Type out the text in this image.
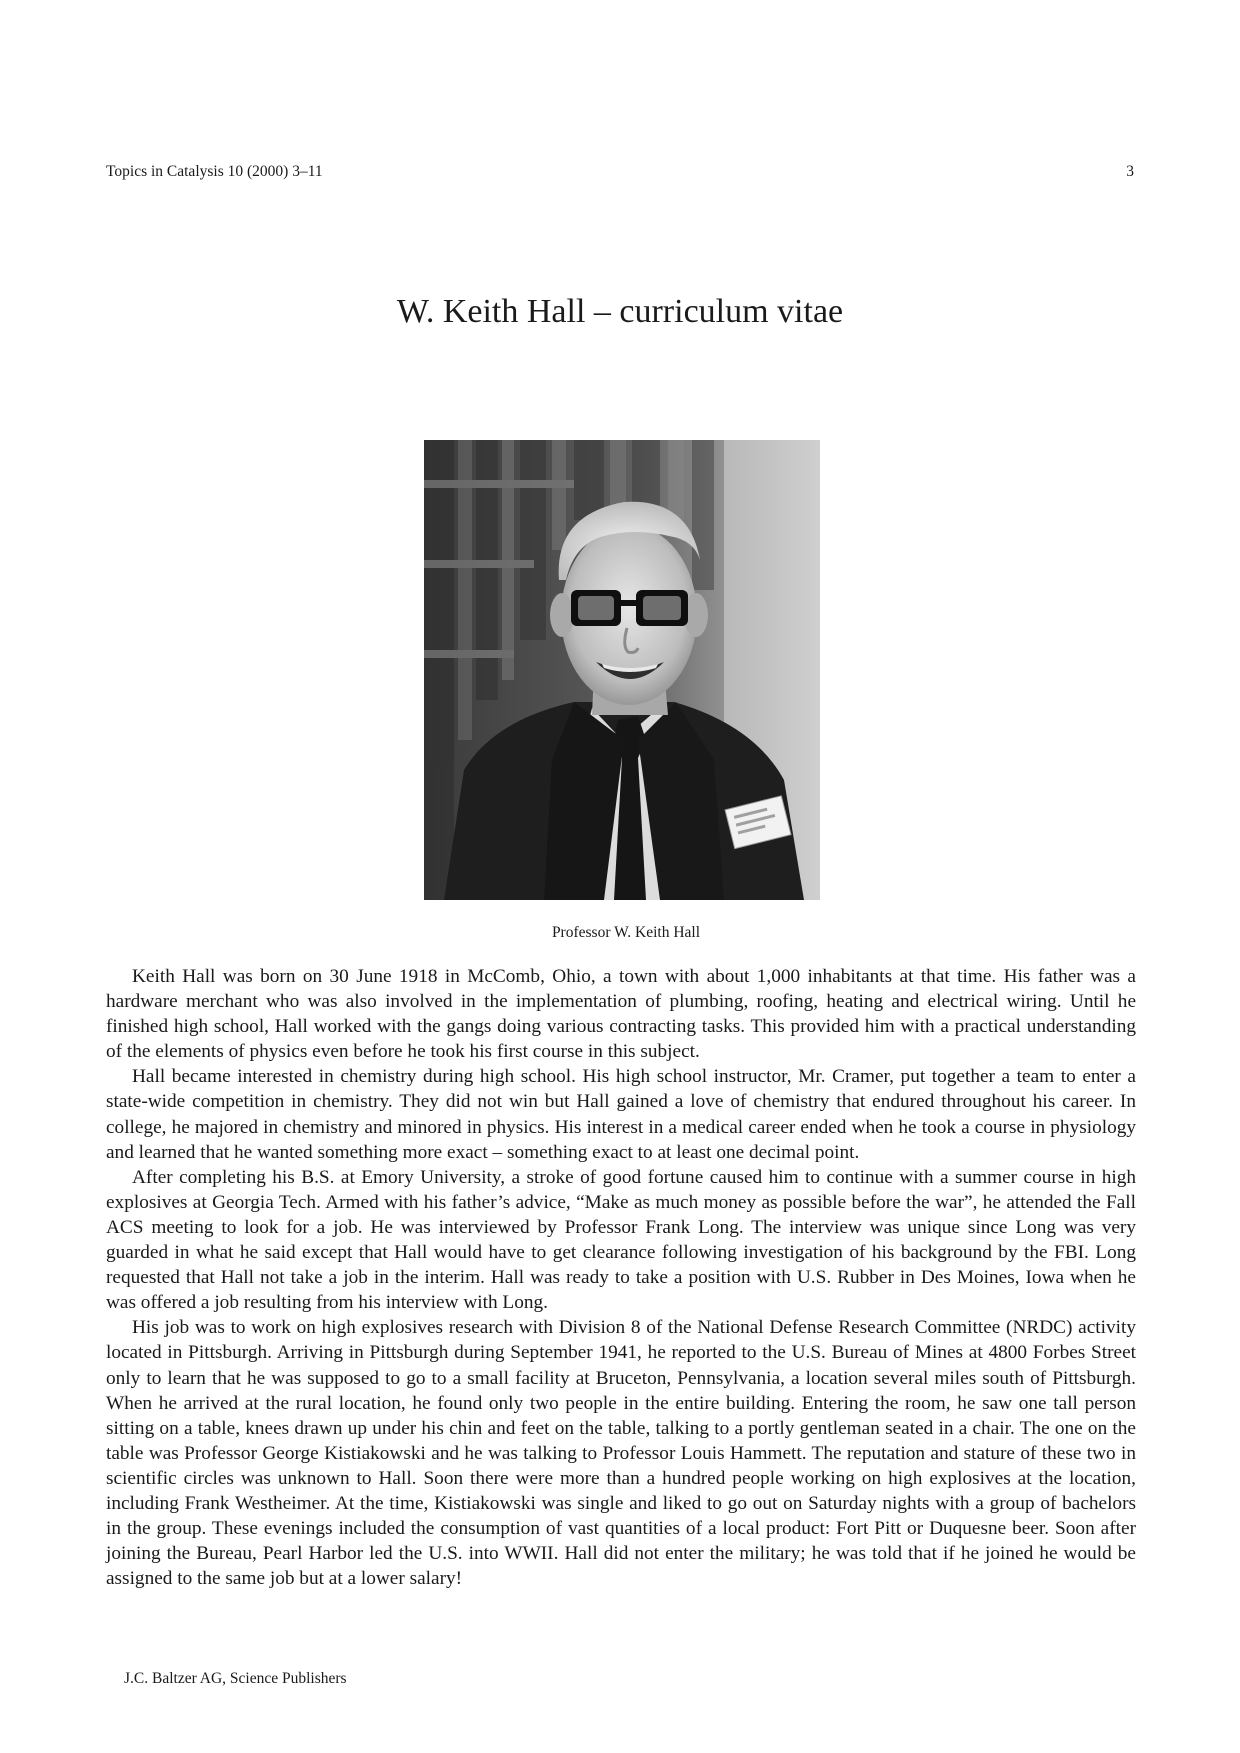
Topics in Catalysis 10 (2000) 3–11	3
W. Keith Hall – curriculum vitae
Professor W. Keith Hall

Keith Hall was born on 30 June 1918 in McComb, Ohio, a town with about 1,000 inhabitants at that time. His father was a hardware merchant who was also involved in the implementation of plumbing, roofing, heating and electrical wiring. Until he finished high school, Hall worked with the gangs doing various contracting tasks. This provided him with a practical understanding of the elements of physics even before he took his first course in this subject.

Hall became interested in chemistry during high school. His high school instructor, Mr. Cramer, put together a team to enter a state-wide competition in chemistry. They did not win but Hall gained a love of chemistry that endured throughout his career. In college, he majored in chemistry and minored in physics. His interest in a medical career ended when he took a course in physiology and learned that he wanted something more exact – something exact to at least one decimal point.

After completing his B.S. at Emory University, a stroke of good fortune caused him to continue with a summer course in high explosives at Georgia Tech. Armed with his father’s advice, “Make as much money as possible before the war”, he attended the Fall ACS meeting to look for a job. He was interviewed by Professor Frank Long. The interview was unique since Long was very guarded in what he said except that Hall would have to get clearance following investigation of his background by the FBI. Long requested that Hall not take a job in the interim. Hall was ready to take a position with U.S. Rubber in Des Moines, Iowa when he was offered a job resulting from his interview with Long.

His job was to work on high explosives research with Division 8 of the National Defense Research Committee (NRDC) activity located in Pittsburgh. Arriving in Pittsburgh during September 1941, he reported to the U.S. Bureau of Mines at 4800 Forbes Street only to learn that he was supposed to go to a small facility at Bruceton, Pennsylvania, a location several miles south of Pittsburgh. When he arrived at the rural location, he found only two people in the entire building. Entering the room, he saw one tall person sitting on a table, knees drawn up under his chin and feet on the table, talking to a portly gentleman seated in a chair. The one on the table was Professor George Kistiakowski and he was talking to Professor Louis Hammett. The reputation and stature of these two in scientific circles was unknown to Hall. Soon there were more than a hundred people working on high explosives at the location, including Frank Westheimer. At the time, Kistiakowski was single and liked to go out on Saturday nights with a group of bachelors in the group. These evenings included the consumption of vast quantities of a local product: Fort Pitt or Duquesne beer. Soon after joining the Bureau, Pearl Harbor led the U.S. into WWII. Hall did not enter the military; he was told that if he joined he would be assigned to the same job but at a lower salary!

J.C. Baltzer AG, Science Publishers
